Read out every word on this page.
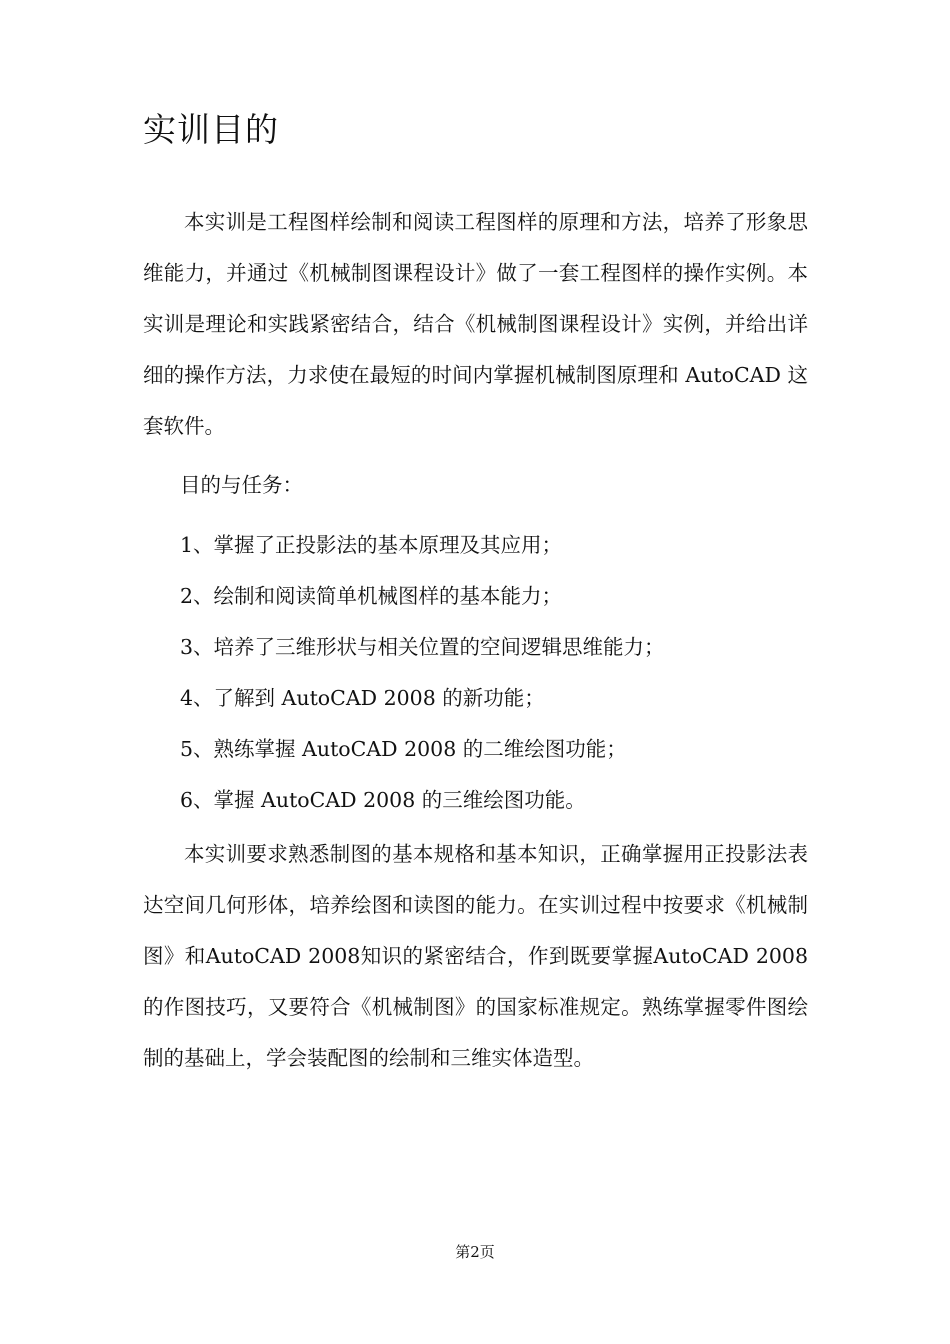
实训目的

本实训是工程图样绘制和阅读工程图样的原理和方法，培养了形象思维能力，并通过《机械制图课程设计》做了一套工程图样的操作实例。本实训是理论和实践紧密结合，结合《机械制图课程设计》实例，并给出详细的操作方法，力求使在最短的时间内掌握机械制图原理和 AutoCAD 这套软件。

目的与任务：

1、掌握了正投影法的基本原理及其应用；
2、绘制和阅读简单机械图样的基本能力；
3、培养了三维形状与相关位置的空间逻辑思维能力；
4、了解到 AutoCAD 2008 的新功能；
5、熟练掌握 AutoCAD 2008 的二维绘图功能；
6、掌握 AutoCAD 2008 的三维绘图功能。

本实训要求熟悉制图的基本规格和基本知识，正确掌握用正投影法表达空间几何形体，培养绘图和读图的能力。在实训过程中按要求《机械制图》和AutoCAD 2008知识的紧密结合，作到既要掌握AutoCAD 2008 的作图技巧，又要符合《机械制图》的国家标准规定。熟练掌握零件图绘制的基础上，学会装配图的绘制和三维实体造型。

第2页
